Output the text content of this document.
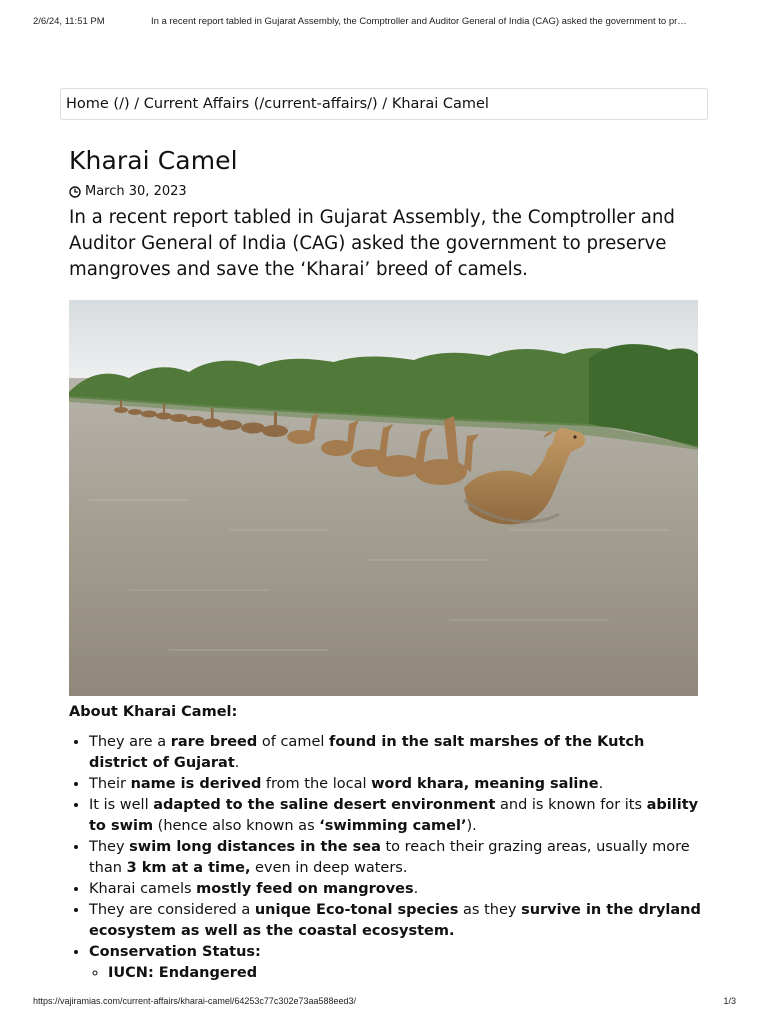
2/6/24, 11:51 PM	In a recent report tabled in Gujarat Assembly, the Comptroller and Auditor General of India (CAG) asked the government to pr…
Home (/) / Current Affairs (/current-affairs/) / Kharai Camel
Kharai Camel
March 30, 2023

In a recent report tabled in Gujarat Assembly, the Comptroller and Auditor General of India (CAG) asked the government to preserve mangroves and save the ‘Kharai’ breed of camels.

About Kharai Camel:
• They are a rare breed of camel found in the salt marshes of the Kutch district of Gujarat.
• Their name is derived from the local word khara, meaning saline.
• It is well adapted to the saline desert environment and is known for its ability to swim (hence also known as ‘swimming camel’).
• They swim long distances in the sea to reach their grazing areas, usually more than 3 km at a time, even in deep waters.
• Kharai camels mostly feed on mangroves.
• They are considered a unique Eco-tonal species as they survive in the dryland ecosystem as well as the coastal ecosystem.
• Conservation Status:
◦ IUCN: Endangered
https://vajiramias.com/current-affairs/kharai-camel/64253c77c302e73aa588eed3/	1/3
